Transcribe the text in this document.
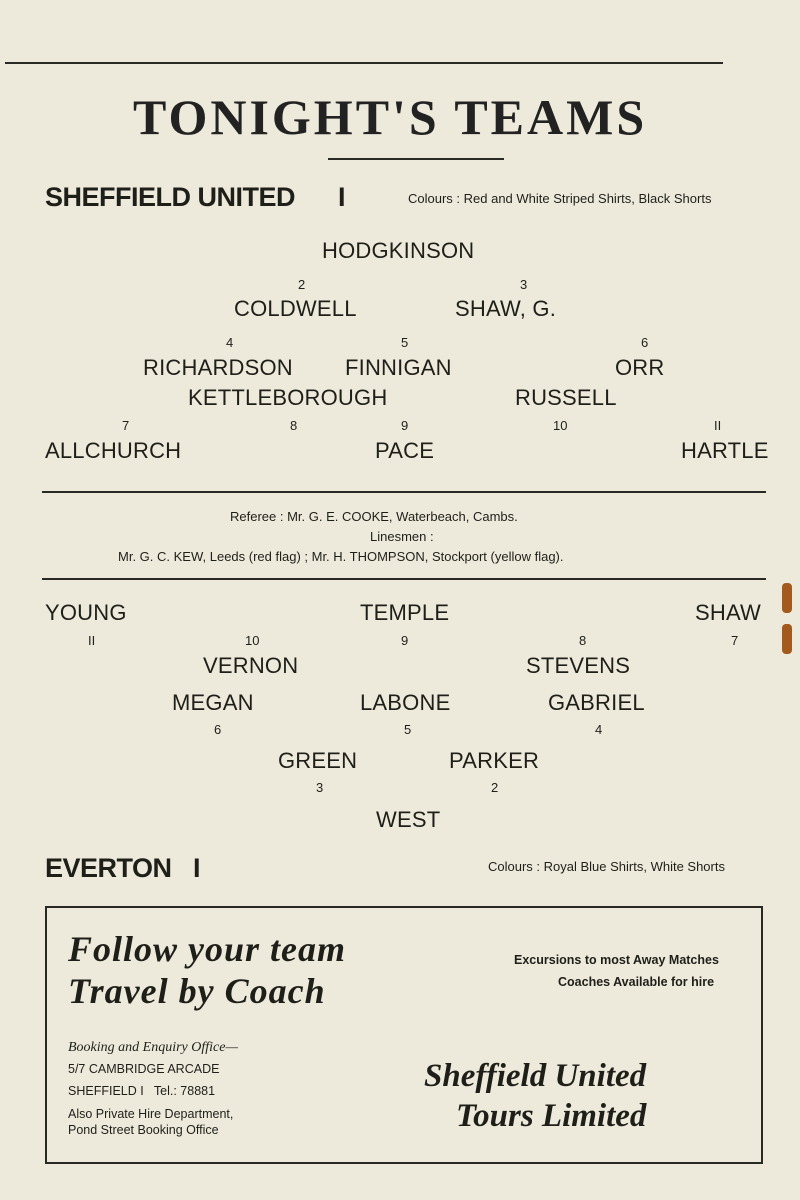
TONIGHT'S TEAMS
SHEFFIELD UNITED I	Colours : Red and White Striped Shirts, Black Shorts
HODGKINSON
2	3
COLDWELL	SHAW, G.
4	5	6
RICHARDSON FINNIGAN	ORR
KETTLEBOROUGH	RUSSELL
7	8	9	10	II
ALLCHURCH	PACE	HARTLE
Referee : Mr. G. E. COOKE, Waterbeach, Cambs.
Linesmen :
Mr. G. C. KEW, Leeds (red flag) ; Mr. H. THOMPSON, Stockport (yellow flag).
YOUNG	TEMPLE	SHAW
II	10	9	8	7
VERNON	STEVENS
MEGAN	LABONE	GABRIEL
6	5	4
GREEN	PARKER
3	2
WEST
EVERTON I	Colours : Royal Blue Shirts, White Shorts
Follow your team
Travel by Coach
Excursions to most Away Matches
Coaches Available for hire
Booking and Enquiry Office—
5/7 CAMBRIDGE ARCADE
SHEFFIELD I   Tel.: 78881
Also Private Hire Department,
Pond Street Booking Office
Sheffield United
Tours Limited
